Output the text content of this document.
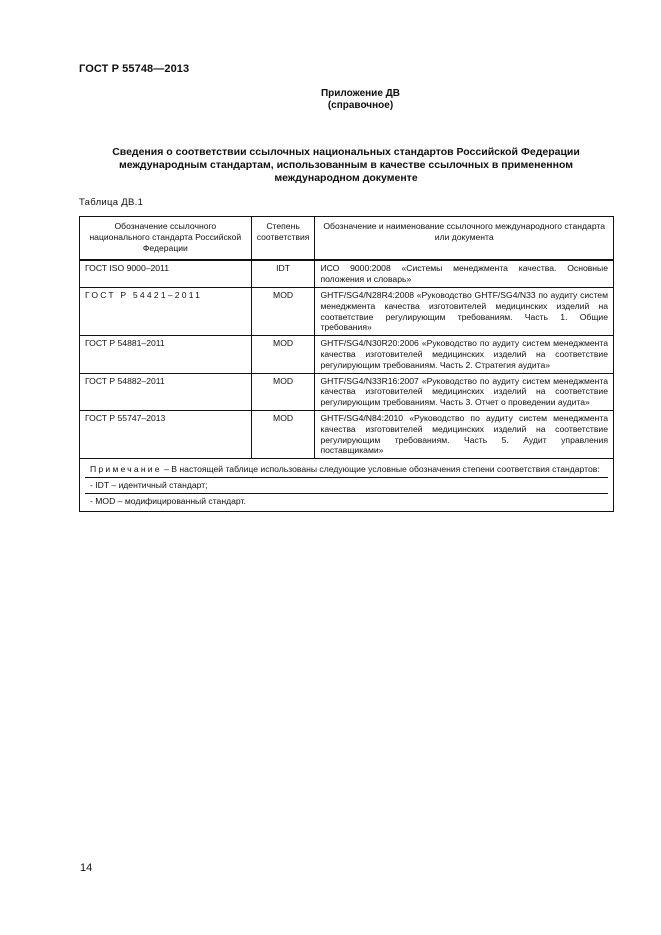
ГОСТ Р 55748—2013
Приложение ДВ
(справочное)
Сведения о соответствии ссылочных национальных стандартов Российской Федерации
международным стандартам, использованным в качестве ссылочных в примененном
международном документе
Таблица ДВ.1
Обозначение ссылочного национального стандарта Российской Федерации	Степень соответствия	Обозначение и наименование ссылочного международного стандарта или документа
ГОСТ ISO 9000–2011	IDT	ИСО 9000:2008 «Системы менеджмента качества. Основные положения и словарь»
ГОСТ Р 54421–2011	MOD	GHTF/SG4/N28R4:2008 «Руководство GHTF/SG4/N33 по аудиту систем менеджмента качества изготовителей медицинских изделий на соответствие регулирующим требованиям. Часть 1. Общие требования»
ГОСТ Р 54881–2011	MOD	GHTF/SG4/N30R20:2006 «Руководство по аудиту систем менеджмента качества изготовителей медицинских изделий на соответствие регулирующим требованиям. Часть 2. Стратегия аудита»
ГОСТ Р 54882–2011	MOD	GHTF/SG4/N33R16:2007 «Руководство по аудиту систем менеджмента качества изготовителей медицинских изделий на соответствие регулирующим требованиям. Часть 3. Отчет о проведении аудита»
ГОСТ Р 55747–2013	MOD	GHTF/SG4/N84:2010 «Руководство по аудиту систем менеджмента качества изготовителей медицинских изделий на соответствие регулирующим требованиям. Часть 5. Аудит управления поставщиками»

Примечание – В настоящей таблице использованы следующие условные обозначения степени соответствия стандартов:
- IDT – идентичный стандарт;
- MOD – модифицированный стандарт.		
14
